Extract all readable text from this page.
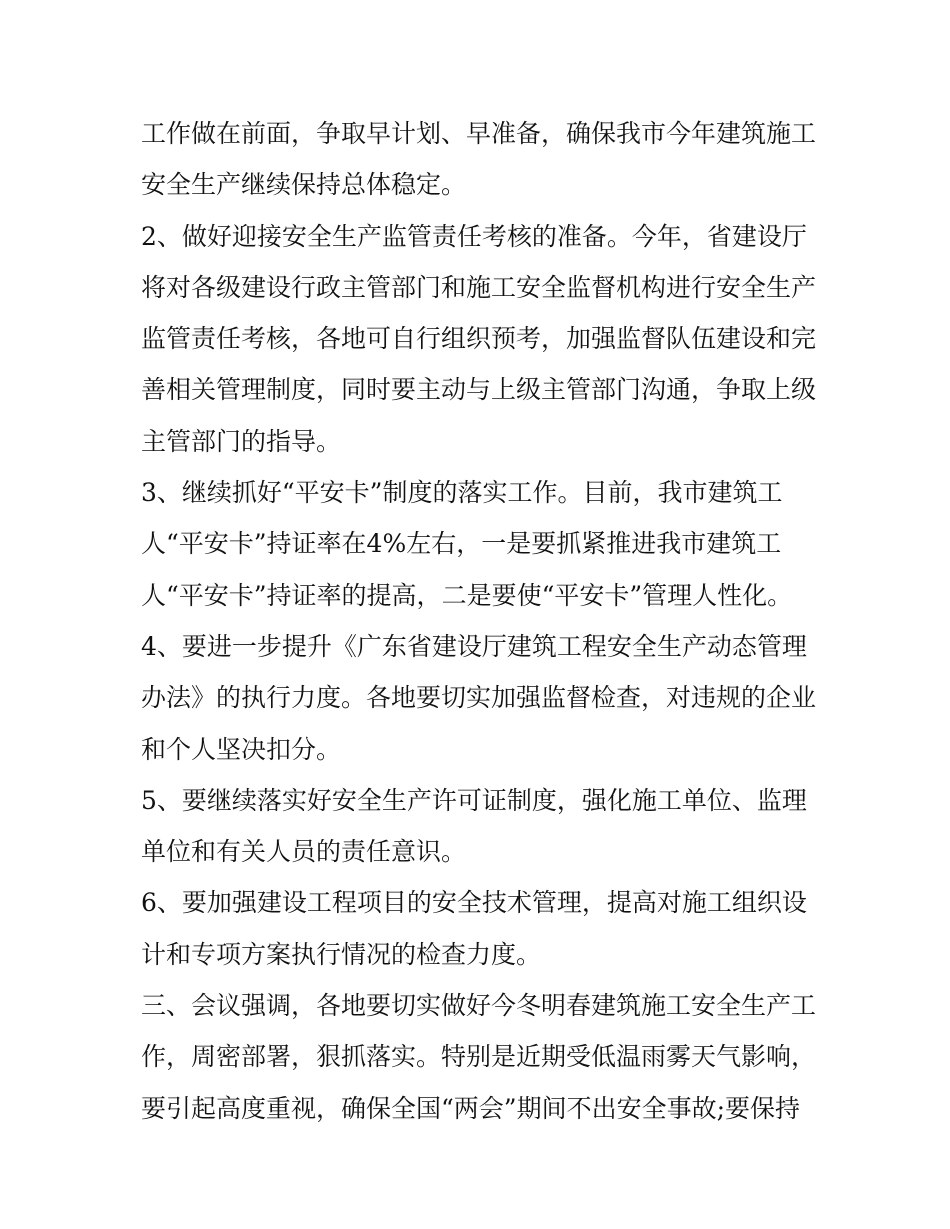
工作做在前面，争取早计划、早准备，确保我市今年建筑施工
安全生产继续保持总体稳定。
2、做好迎接安全生产监管责任考核的准备。今年，省建设厅
将对各级建设行政主管部门和施工安全监督机构进行安全生产
监管责任考核，各地可自行组织预考，加强监督队伍建设和完
善相关管理制度，同时要主动与上级主管部门沟通，争取上级
主管部门的指导。
3、继续抓好“平安卡”制度的落实工作。目前，我市建筑工
人“平安卡”持证率在4%左右，一是要抓紧推进我市建筑工
人“平安卡”持证率的提高，二是要使“平安卡”管理人性化。
4、要进一步提升《广东省建设厅建筑工程安全生产动态管理
办法》的执行力度。各地要切实加强监督检查，对违规的企业
和个人坚决扣分。
5、要继续落实好安全生产许可证制度，强化施工单位、监理
单位和有关人员的责任意识。
6、要加强建设工程项目的安全技术管理，提高对施工组织设
计和专项方案执行情况的检查力度。
三、会议强调，各地要切实做好今冬明春建筑施工安全生产工
作，周密部署，狠抓落实。特别是近期受低温雨雾天气影响，
要引起高度重视，确保全国“两会”期间不出安全事故;要保持
